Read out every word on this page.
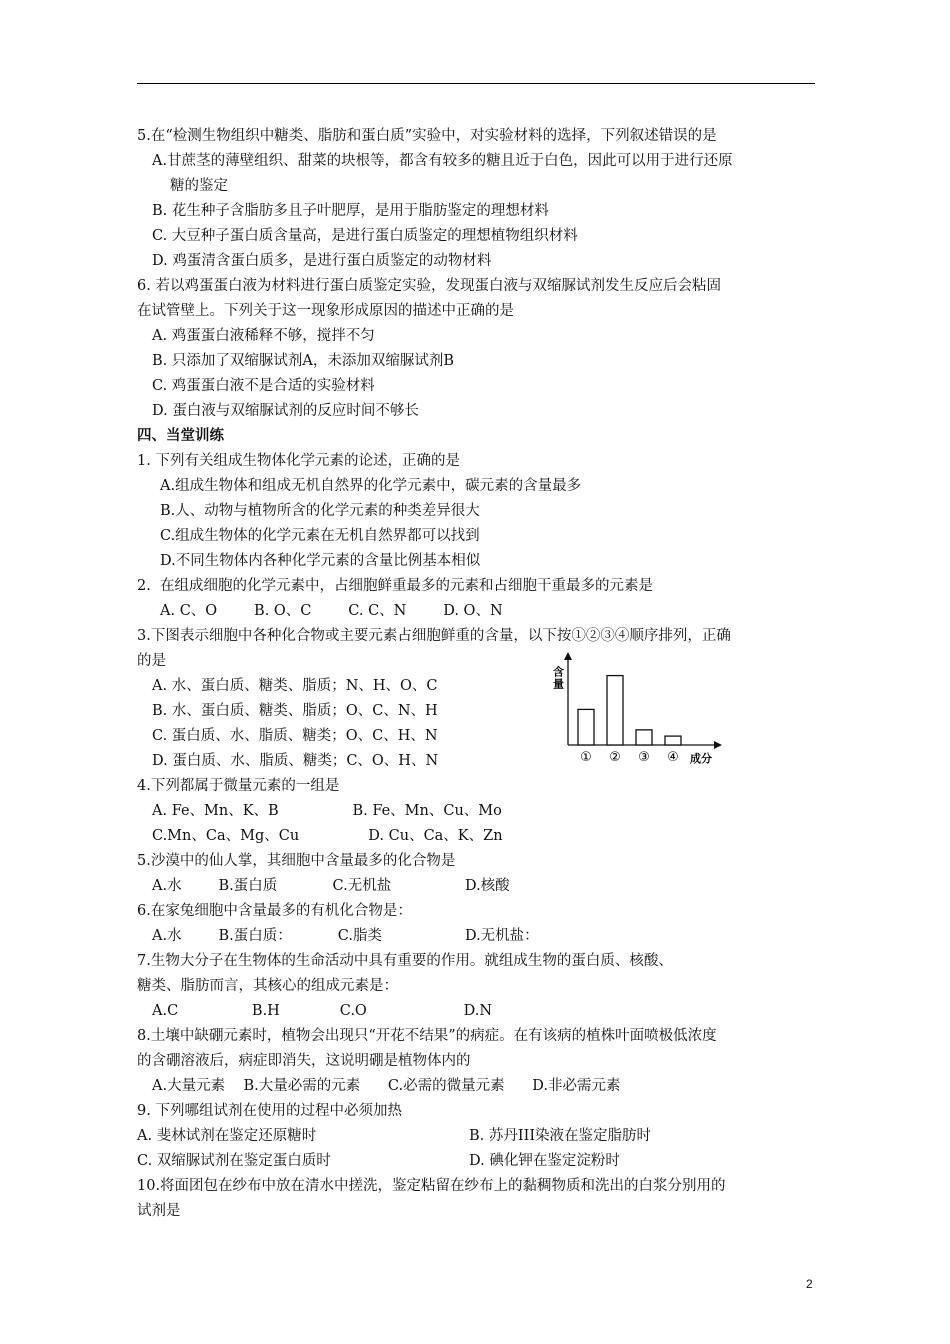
5.在“检测生物组织中糖类、脂肪和蛋白质”实验中，对实验材料的选择，下列叙述错误的是
A.甘蔗茎的薄壁组织、甜菜的块根等，都含有较多的糖且近于白色，因此可以用于进行还原
糖的鉴定
B. 花生种子含脂肪多且子叶肥厚，是用于脂肪鉴定的理想材料
C. 大豆种子蛋白质含量高，是进行蛋白质鉴定的理想植物组织材料
D. 鸡蛋清含蛋白质多，是进行蛋白质鉴定的动物材料
6. 若以鸡蛋蛋白液为材料进行蛋白质鉴定实验，发现蛋白液与双缩脲试剂发生反应后会粘固
在试管壁上。下列关于这一现象形成原因的描述中正确的是
A. 鸡蛋蛋白液稀释不够，搅拌不匀
B. 只添加了双缩脲试剂A，未添加双缩脲试剂B
C. 鸡蛋蛋白液不是合适的实验材料
D. 蛋白液与双缩脲试剂的反应时间不够长
四、当堂训练
1. 下列有关组成生物体化学元素的论述，正确的是
A.组成生物体和组成无机自然界的化学元素中，碳元素的含量最多
B.人、动物与植物所含的化学元素的种类差异很大
C.组成生物体的化学元素在无机自然界都可以找到
D.不同生物体内各种化学元素的含量比例基本相似
2.  在组成细胞的化学元素中，占细胞鲜重最多的元素和占细胞干重最多的元素是
A. C、O        B. O、C        C. C、N        D. O、N
3.下图表示细胞中各种化合物或主要元素占细胞鲜重的含量，以下按①②③④顺序排列，正确
的是
A. 水、蛋白质、糖类、脂质；N、H、O、C
B. 水、蛋白质、糖类、脂质；O、C、N、H
C. 蛋白质、水、脂质、糖类；O、C、H、N
D. 蛋白质、水、脂质、糖类；C、O、H、N
4.下列都属于微量元素的一组是
A. Fe、Mn、K、B                B. Fe、Mn、Cu、Mo
C.Mn、Ca、Mg、Cu               D. Cu、Ca、K、Zn
5.沙漠中的仙人掌，其细胞中含量最多的化合物是
A.水        B.蛋白质            C.无机盐                D.核酸
6.在家兔细胞中含量最多的有机化合物是：
A.水        B.蛋白质：          C.脂类                  D.无机盐：
7.生物大分子在生物体的生命活动中具有重要的作用。就组成生物的蛋白质、核酸、
糖类、脂肪而言，其核心的组成元素是：
A.C                B.H             C.O                     D.N
8.土壤中缺硼元素时，植物会出现只“开花不结果”的病症。在有该病的植株叶面喷极低浓度
的含硼溶液后，病症即消失，这说明硼是植物体内的
A.大量元素    B.大量必需的元素      C.必需的微量元素      D.非必需元素
9. 下列哪组试剂在使用的过程中必须加热
A. 斐林试剂在鉴定还原糖时	B. 苏丹III染液在鉴定脂肪时
C. 双缩脲试剂在鉴定蛋白质时	D. 碘化钾在鉴定淀粉时
10.将面团包在纱布中放在清水中搓洗，鉴定粘留在纱布上的黏稠物质和洗出的白浆分别用的
试剂是
含量
成分
① ② ③ ④
2
